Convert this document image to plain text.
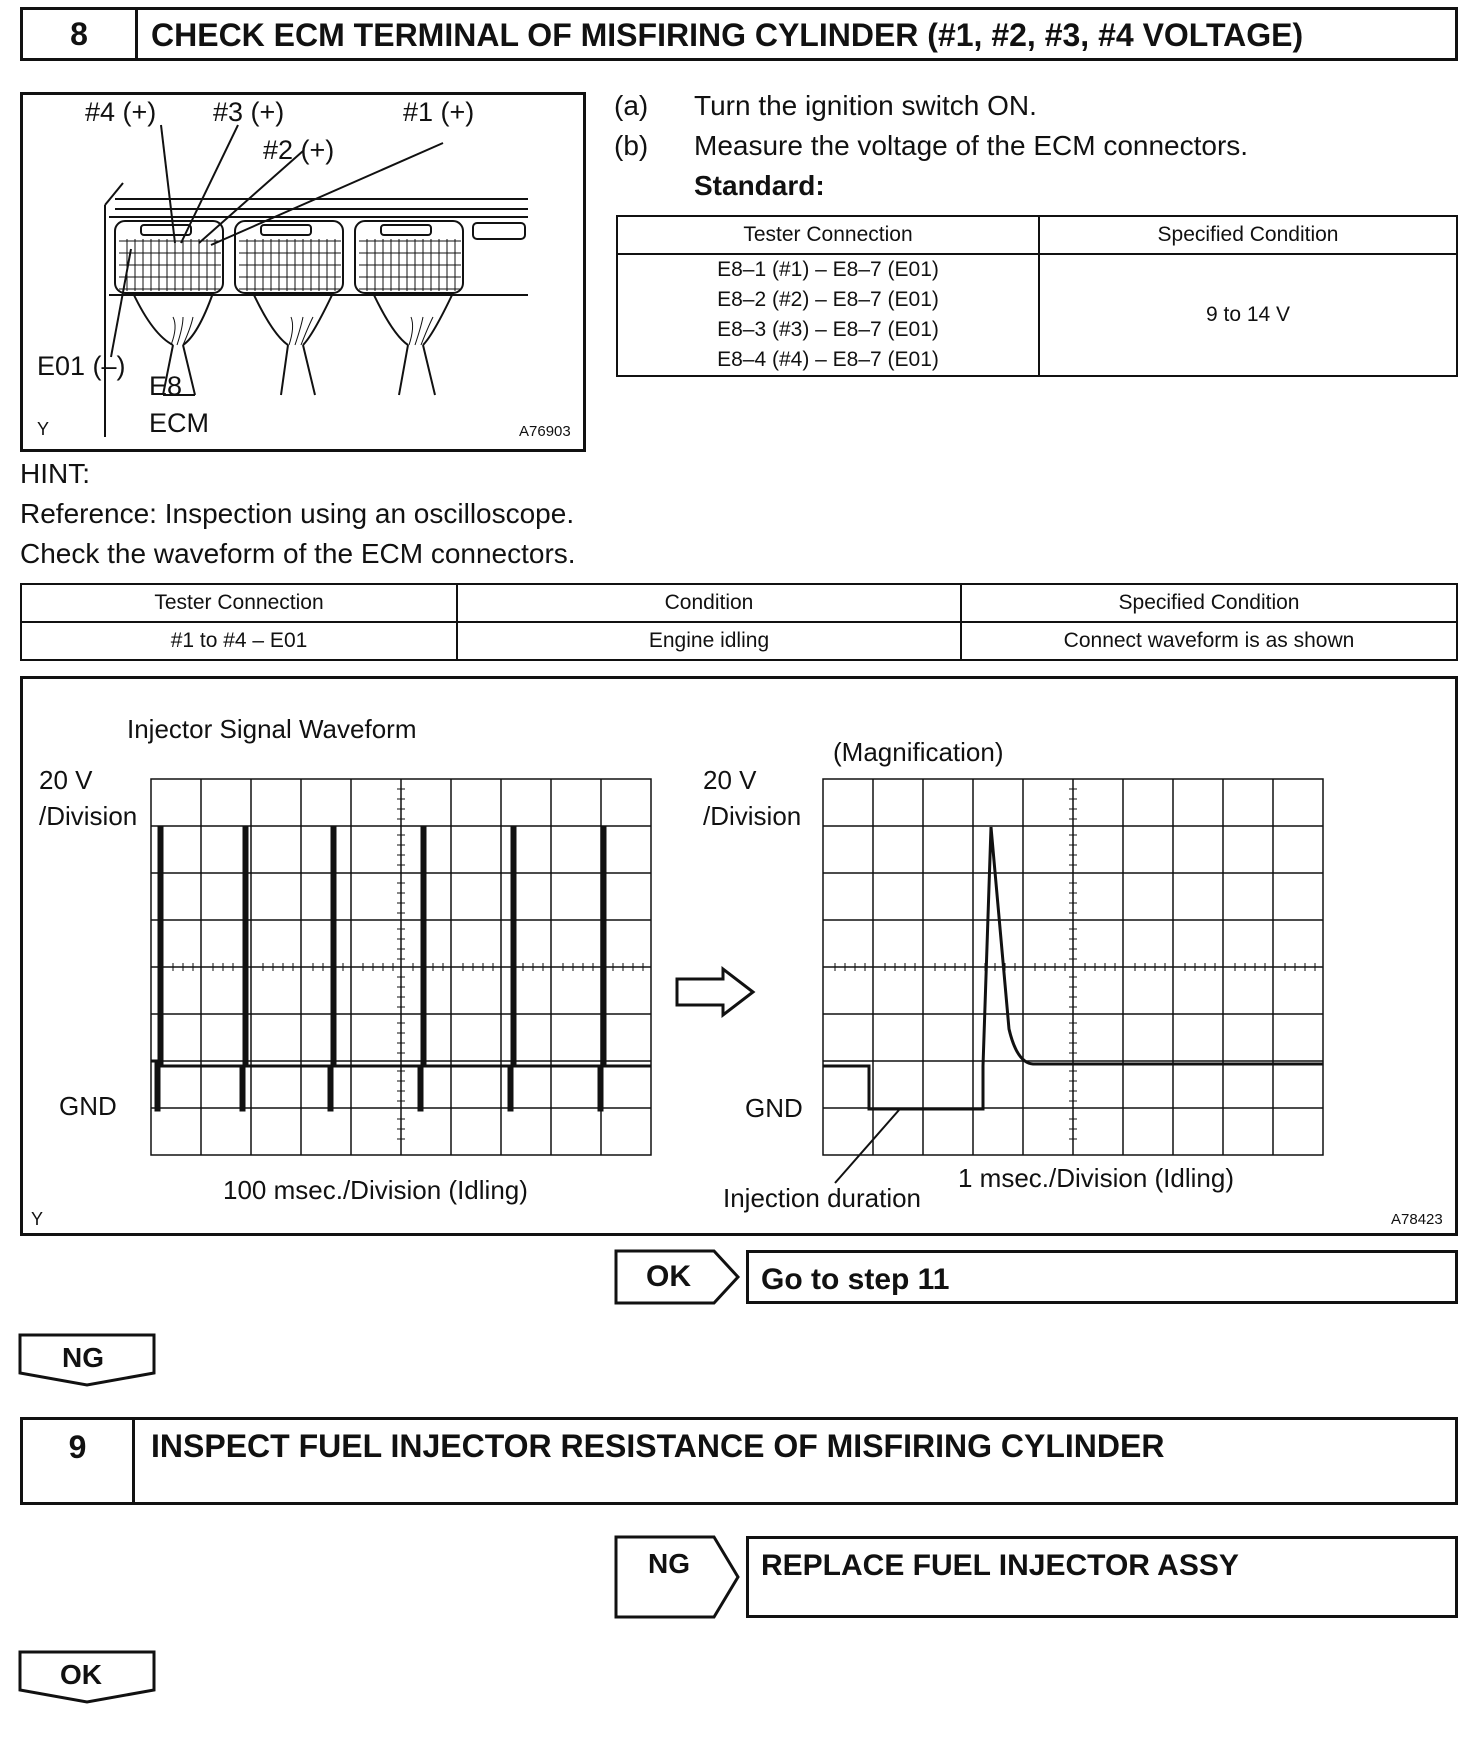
8	CHECK ECM TERMINAL OF MISFIRING CYLINDER (#1, #2, #3, #4 VOLTAGE)
#4 (+) #3 (+)	#1 (+)
#2 (+)
E01 (–)
E8
ECM
Y	A76903
(a) Turn the ignition switch ON.
(b) Measure the voltage of the ECM connectors.
Standard:
Tester Connection	Specified Condition

E8–1 (#1) – E8–7 (E01)
E8–2 (#2) – E8–7 (E01)
E8–3 (#3) – E8–7 (E01)
E8–4 (#4) – E8–7 (E01)	9 to 14 V
HINT:
Reference: Inspection using an oscilloscope.
Check the waveform of the ECM connectors.
Tester Connection	Condition	Specified Condition
#1 to #4 – E01	Engine idling	Connect waveform is as shown
Injector Signal Waveform
(Magnification)
20 V
/Division
GND
100 msec./Division (Idling)
20 V
/Division
GND
1 msec./Division (Idling)
Injection duration
Y	A78423
OK Go to step 11
NG
9	INSPECT FUEL INJECTOR RESISTANCE OF MISFIRING CYLINDER
NG REPLACE FUEL INJECTOR ASSY
OK
